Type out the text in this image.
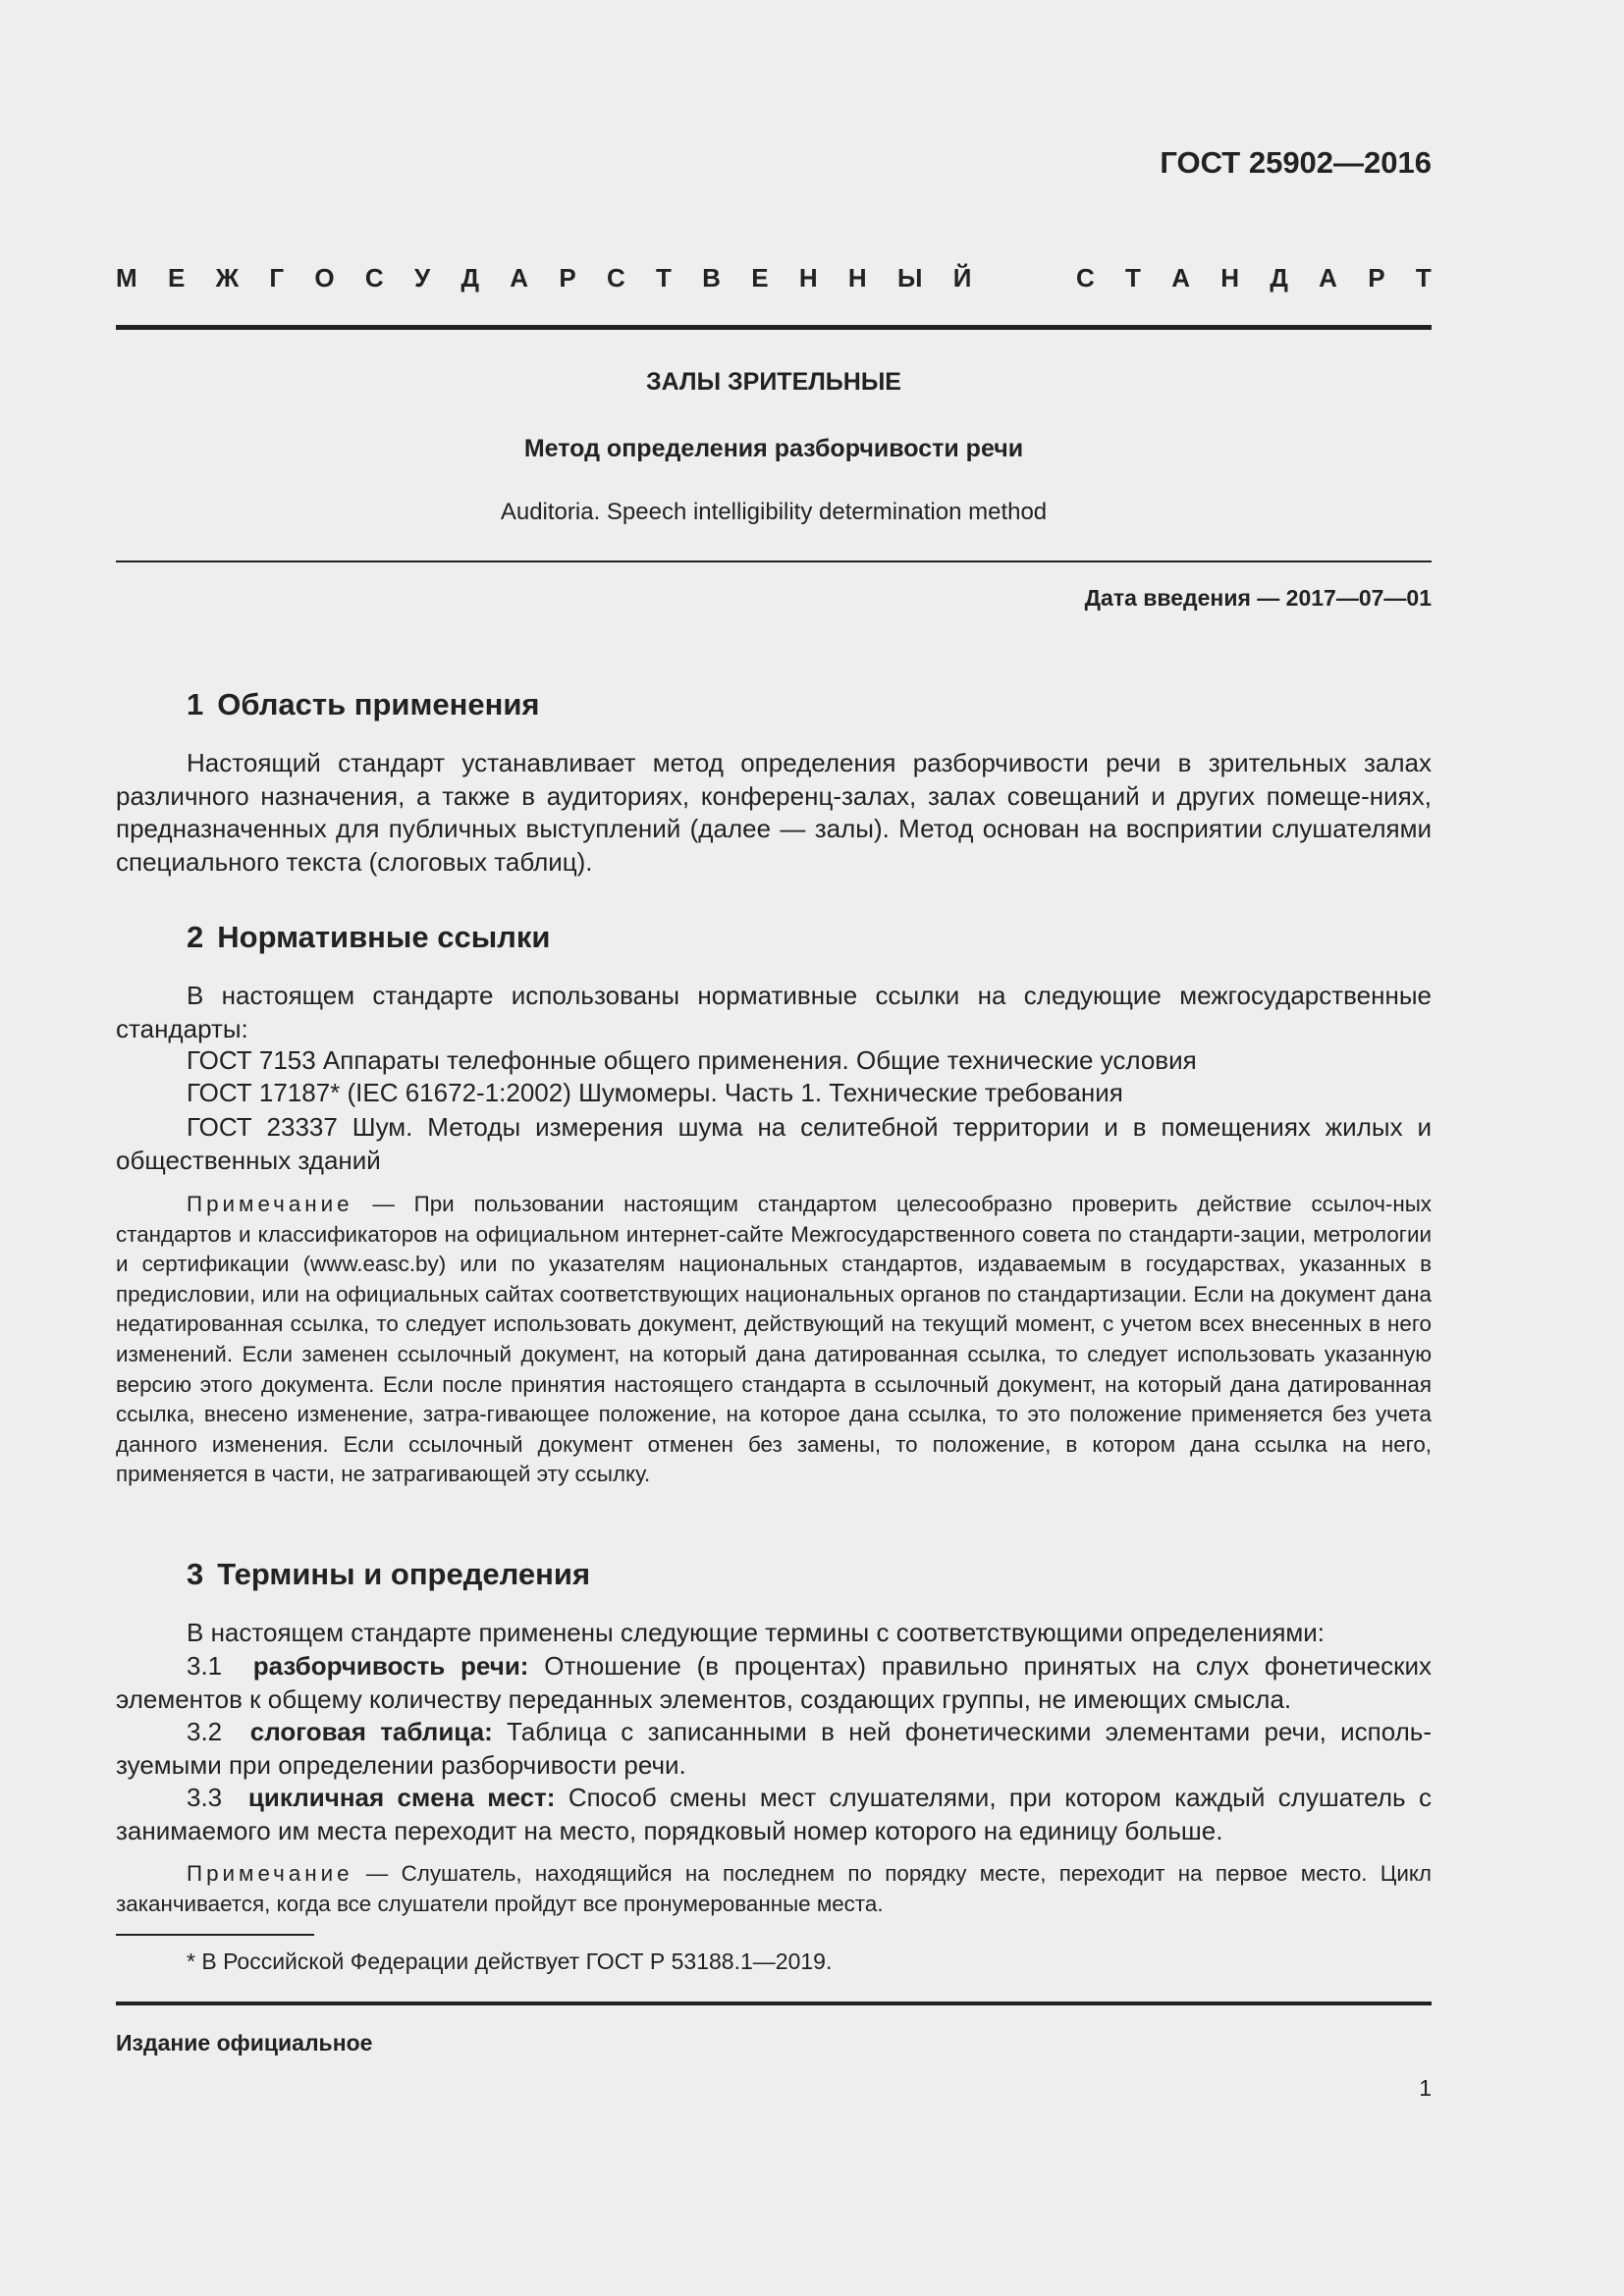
ГОСТ 25902—2016
М Е Ж Г О С У Д А Р С Т В Е Н Н Ы Й	С Т А Н Д А Р Т
ЗАЛЫ ЗРИТЕЛЬНЫЕ
Метод определения разборчивости речи
Auditoria. Speech intelligibility determination method
Дата введения — 2017—07—01
1 Область применения
Настоящий стандарт устанавливает метод определения разборчивости речи в зрительных залах различного назначения, а также в аудиториях, конференц-залах, залах совещаний и других помеще-ниях, предназначенных для публичных выступлений (далее — залы). Метод основан на восприятии слушателями специального текста (слоговых таблиц).
2 Нормативные ссылки
В настоящем стандарте использованы нормативные ссылки на следующие межгосударственные стандарты:
ГОСТ 7153 Аппараты телефонные общего применения. Общие технические условия
ГОСТ 17187* (IEC 61672-1:2002) Шумомеры. Часть 1. Технические требования
ГОСТ 23337 Шум. Методы измерения шума на селитебной территории и в помещениях жилых и общественных зданий
Примечание — При пользовании настоящим стандартом целесообразно проверить действие ссылоч-ных стандартов и классификаторов на официальном интернет-сайте Межгосударственного совета по стандарти-зации, метрологии и сертификации (www.easc.by) или по указателям национальных стандартов, издаваемым в государствах, указанных в предисловии, или на официальных сайтах соответствующих национальных органов по стандартизации. Если на документ дана недатированная ссылка, то следует использовать документ, действующий на текущий момент, с учетом всех внесенных в него изменений. Если заменен ссылочный документ, на который дана датированная ссылка, то следует использовать указанную версию этого документа. Если после принятия настоящего стандарта в ссылочный документ, на который дана датированная ссылка, внесено изменение, затра-гивающее положение, на которое дана ссылка, то это положение применяется без учета данного изменения. Если ссылочный документ отменен без замены, то положение, в котором дана ссылка на него, применяется в части, не затрагивающей эту ссылку.
3 Термины и определения
В настоящем стандарте применены следующие термины с соответствующими определениями:
3.1 разборчивость речи: Отношение (в процентах) правильно принятых на слух фонетических элементов к общему количеству переданных элементов, создающих группы, не имеющих смысла.
3.2 слоговая таблица: Таблица с записанными в ней фонетическими элементами речи, исполь-зуемыми при определении разборчивости речи.
3.3 цикличная смена мест: Способ смены мест слушателями, при котором каждый слушатель с занимаемого им места переходит на место, порядковый номер которого на единицу больше.
Примечание — Слушатель, находящийся на последнем по порядку месте, переходит на первое место. Цикл заканчивается, когда все слушатели пройдут все пронумерованные места.
* В Российской Федерации действует ГОСТ Р 53188.1—2019.
Издание официальное
1
